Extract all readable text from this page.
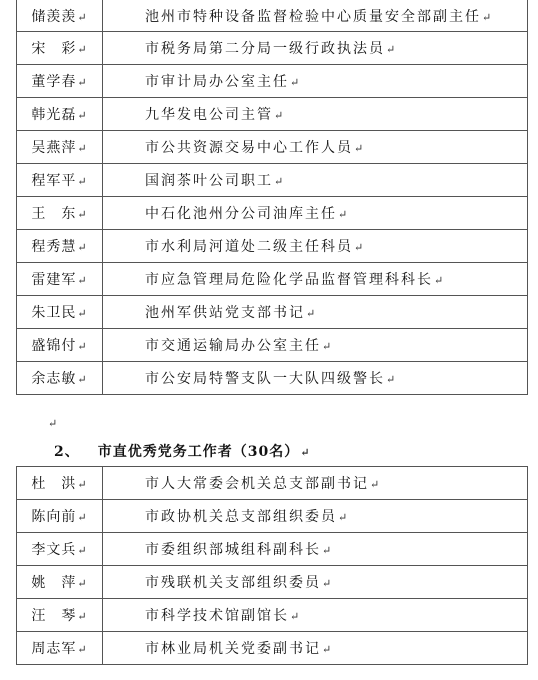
储羡羡↵	池州市特种设备监督检验中心质量安全部副主任↵
宋　彩↵	市税务局第二分局一级行政执法员↵
董学春↵	市审计局办公室主任↵
韩光磊↵	九华发电公司主管↵
吴燕萍↵	市公共资源交易中心工作人员↵
程军平↵	国润茶叶公司职工↵
王　东↵	中石化池州分公司油库主任↵
程秀慧↵	市水利局河道处二级主任科员↵
雷建军↵	市应急管理局危险化学品监督管理科科长↵
朱卫民↵	池州军供站党支部书记↵
盛锦付↵	市交通运输局办公室主任↵
余志敏↵	市公安局特警支队一大队四级警长↵
↵
2、 市直优秀党务工作者（30名）↵
杜　洪↵	市人大常委会机关总支部副书记↵
陈向前↵	市政协机关总支部组织委员↵
李文兵↵	市委组织部城组科副科长↵
姚　萍↵	市残联机关支部组织委员↵
汪　琴↵	市科学技术馆副馆长↵
周志军↵	市林业局机关党委副书记↵
